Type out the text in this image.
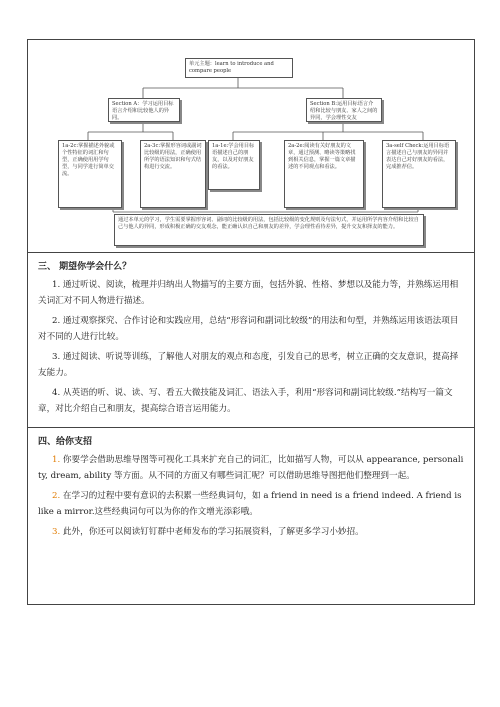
单元主题：learn to introduce and compare people
Section A：学习运用目标语言介绍和比较他人的异同。
Section B:运用目标语言介绍和比较与朋友、家人之间的异同，学会理性交友
1a-2c:掌握描述外貌或个性特征的词汇和句型，正确使用用学句型，与同学进行简单交流。
2a-3c:掌握形容词或副词比较级的用法，正确使用所学的语法知识和句式结构进行交流。
1a-1e:学会用目标语描述自己的朋友，以及对好朋友的看法。
2a-2e:阅读有关好朋友的文章，通过预测、略读等策略找到相关信息，掌握一篇文章描述的不同观点和看法。
3a-self Check:运用目标语言描述自己与朋友的异同并表达自己对好朋友的看法，完成推荐信。
通过本单元的学习，学生需要掌握形容词、副词的比较级的用法，包括比较级的变化规则及句法句式，并运用所学内容介绍和比较自己与他人的异同，形成积极正确的交友观念，能正确认识自己和朋友的差异，学会理性看待差异，提升交友和择友的能力。

三、 期望你学会什么？

1. 通过听说、阅读，梳理并归纳出人物描写的主要方面，包括外貌、性格、梦想以及能力等，并熟练运用相关词汇对不同人物进行描述。

2. 通过观察探究、合作讨论和实践应用，总结“形容词和副词比较级”的用法和句型，并熟练运用该语法项目对不同的人进行比较。

3. 通过阅读、听说等训练，了解他人对朋友的观点和态度，引发自己的思考，树立正确的交友意识，提高择友能力。

4. 从英语的听、说、读、写、看五大微技能及词汇、语法入手，利用“形容词和副词比较级.”结构写一篇文章，对比介绍自己和朋友，提高综合语言运用能力。

四、给你支招

1. 你要学会借助思维导图等可视化工具来扩充自己的词汇，比如描写人物，可以从 appearance, personality, dream, ability 等方面。从不同的方面又有哪些词汇呢？可以借助思维导图把他们整理到一起。

2. 在学习的过程中要有意识的去积累一些经典词句，如 a friend in need is a friend indeed. A friend is like a mirror.这些经典词句可以为你的作文增光添彩哦。

3. 此外，你还可以阅读钉钉群中老师发布的学习拓展资料，了解更多学习小妙招。
